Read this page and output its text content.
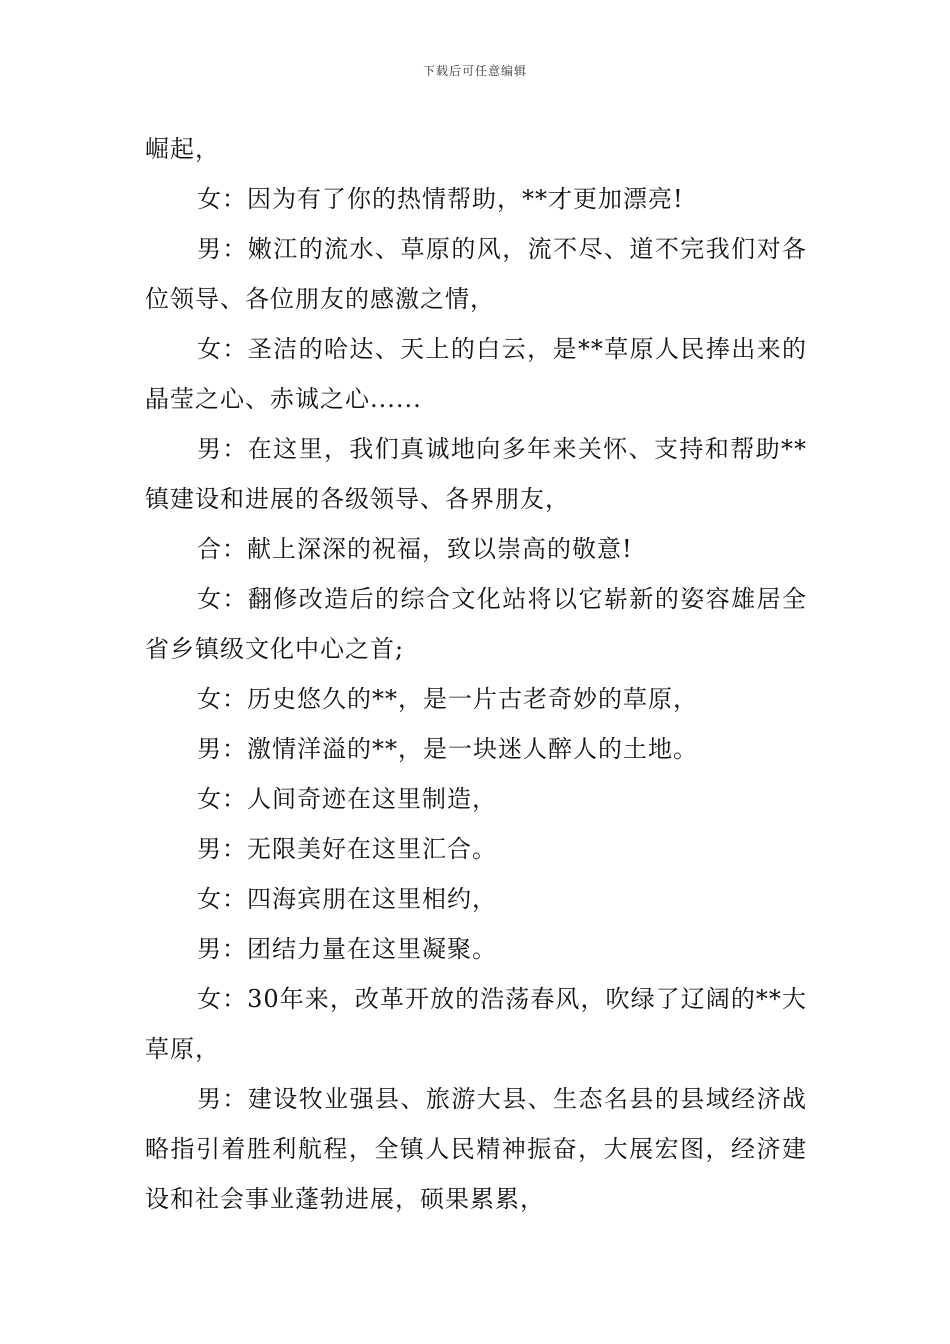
下载后可任意编辑

崛起，

女：因为有了你的热情帮助，**才更加漂亮!

男：嫩江的流水、草原的风，流不尽、道不完我们对各位领导、各位朋友的感激之情，

女：圣洁的哈达、天上的白云，是**草原人民捧出来的晶莹之心、赤诚之心......

男：在这里，我们真诚地向多年来关怀、支持和帮助**镇建设和进展的各级领导、各界朋友，

合：献上深深的祝福，致以崇高的敬意!

女：翻修改造后的综合文化站将以它崭新的姿容雄居全省乡镇级文化中心之首;

女：历史悠久的**，是一片古老奇妙的草原，

男：激情洋溢的**，是一块迷人醉人的土地。

女：人间奇迹在这里制造，

男：无限美好在这里汇合。

女：四海宾朋在这里相约，

男：团结力量在这里凝聚。

女：30年来，改革开放的浩荡春风，吹绿了辽阔的**大草原，

男：建设牧业强县、旅游大县、生态名县的县域经济战略指引着胜利航程，全镇人民精神振奋，大展宏图，经济建设和社会事业蓬勃进展，硕果累累，
